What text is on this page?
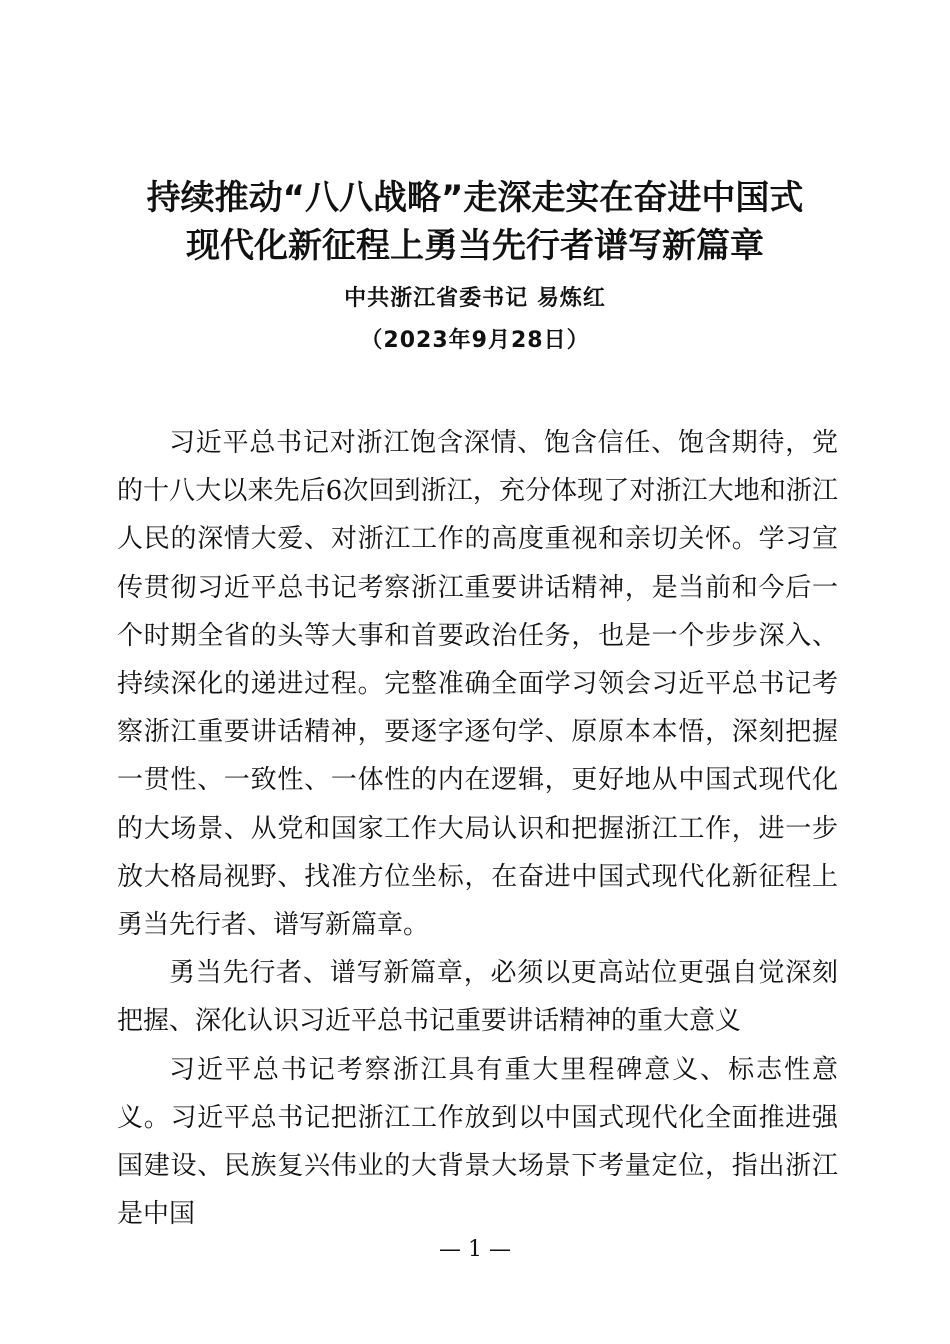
持续推动“八八战略”走深走实在奋进中国式
现代化新征程上勇当先行者谱写新篇章
中共浙江省委书记 易炼红
（2023年9月28日）

习近平总书记对浙江饱含深情、饱含信任、饱含期待，党的十八大以来先后6次回到浙江，充分体现了对浙江大地和浙江人民的深情大爱、对浙江工作的高度重视和亲切关怀。学习宣传贯彻习近平总书记考察浙江重要讲话精神，是当前和今后一个时期全省的头等大事和首要政治任务，也是一个步步深入、持续深化的递进过程。完整准确全面学习领会习近平总书记考察浙江重要讲话精神，要逐字逐句学、原原本本悟，深刻把握一贯性、一致性、一体性的内在逻辑，更好地从中国式现代化的大场景、从党和国家工作大局认识和把握浙江工作，进一步放大格局视野、找准方位坐标，在奋进中国式现代化新征程上勇当先行者、谱写新篇章。

勇当先行者、谱写新篇章，必须以更高站位更强自觉深刻把握、深化认识习近平总书记重要讲话精神的重大意义

习近平总书记考察浙江具有重大里程碑意义、标志性意义。习近平总书记把浙江工作放到以中国式现代化全面推进强国建设、民族复兴伟业的大背景大场景下考量定位，指出浙江是中国

— 1 —
